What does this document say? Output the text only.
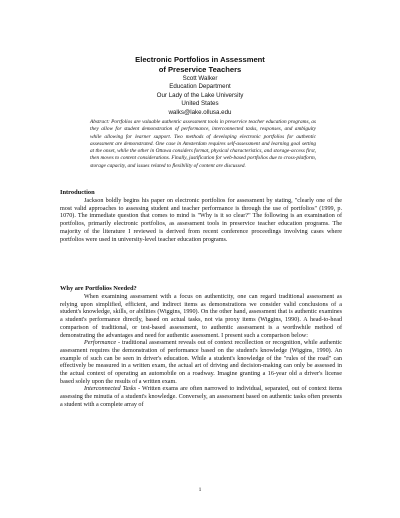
Electronic Portfolios in Assessment
of Preservice Teachers
Scott Walker
Education Department
Our Lady of the Lake University
United States
walks@lake.ollusa.edu
Abstract: Portfolios are valuable authentic assessment tools in preservice teacher education programs, as they allow for student demonstration of performance, interconnected tasks, responses, and ambiguity while allowing for learner support. Two methods of developing electronic portfolios for authentic assessment are demonstrated. One case in Amsterdam requires self-assessment and learning goal setting at the onset, while the other in Ottawa considers format, physical characteristics, and storage-access first, then moves to content considerations. Finally, justification for web-based portfolios due to cross-platform, storage capacity, and issues related to flexibility of content are discussed.
Introduction

Jackson boldly begins his paper on electronic portfolios for assessment by stating, "clearly one of the most valid approaches to assessing student and teacher performance is through the use of portfolios" (1999, p. 1070). The immediate question that comes to mind is "Why is it so clear?" The following is an examination of portfolios, primarily electronic portfolios, as assessment tools in preservice teacher education programs. The majority of the literature I reviewed is derived from recent conference proceedings involving cases where portfolios were used in university-level teacher education programs.

Why are Portfolios Needed?

When examining assessment with a focus on authenticity, one can regard traditional assessment as relying upon simplified, efficient, and indirect items as demonstrations we consider valid conclusions of a student's knowledge, skills, or abilities (Wiggins, 1990). On the other hand, assessment that is authentic examines a student's performance directly, based on actual tasks, not via proxy items (Wiggins, 1990). A head-to-head comparison of traditional, or test-based assessment, to authentic assessment is a worthwhile method of demonstrating the advantages and need for authentic assessment. I present such a comparison below:

Performance - traditional assessment reveals out of context recollection or recognition, while authentic assessment requires the demonstration of performance based on the student's knowledge (Wiggins, 1990). An example of such can be seen in driver's education. While a student's knowledge of the "rules of the road" can effectively be measured in a written exam, the actual art of driving and decision-making can only be assessed in the actual context of operating an automobile on a roadway. Imagine granting a 16-year old a driver's license based solely upon the results of a written exam.

Interconnected Tasks - Written exams are often narrowed to individual, separated, out of context items assessing the minutia of a student's knowledge. Conversely, an assessment based on authentic tasks often presents a student with a complete array of

1
